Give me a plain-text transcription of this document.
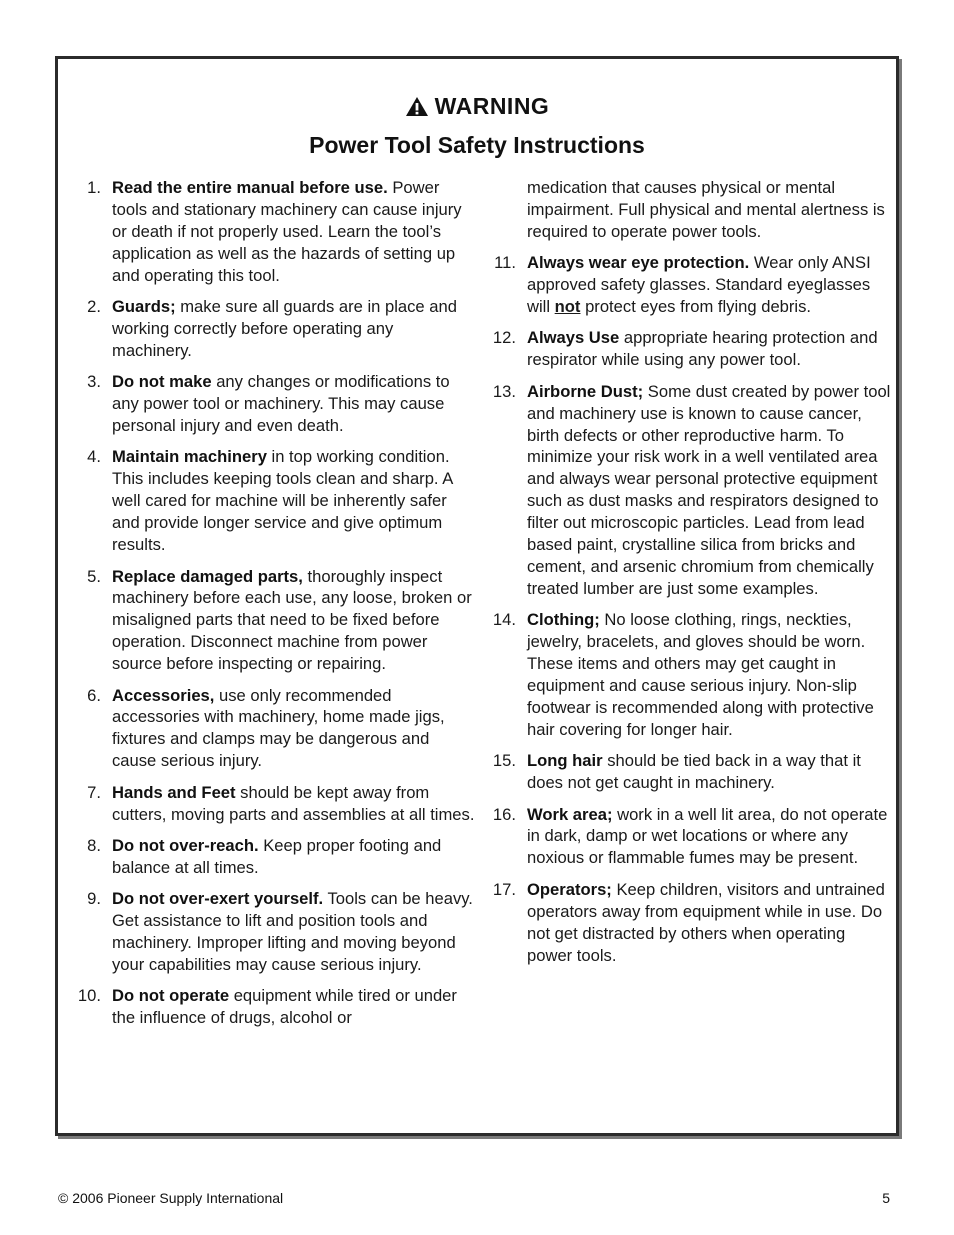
WARNING
Power Tool Safety Instructions
1. Read the entire manual before use. Power tools and stationary machinery can cause injury or death if not properly used. Learn the tool’s application as well as the hazards of setting up and operating this tool.
2. Guards; make sure all guards are in place and working correctly before operating any machinery.
3. Do not make any changes or modifications to any power tool or machinery. This may cause personal injury and even death.
4. Maintain machinery in top working condition. This includes keeping tools clean and sharp. A well cared for machine will be inherently safer and provide longer service and give optimum results.
5. Replace damaged parts, thoroughly inspect machinery before each use, any loose, broken or misaligned parts that need to be fixed before operation. Disconnect machine from power source before inspecting or repairing.
6. Accessories, use only recommended accessories with machinery, home made jigs, fixtures and clamps may be dangerous and cause serious injury.
7. Hands and Feet should be kept away from cutters, moving parts and assemblies at all times.
8. Do not over-reach. Keep proper footing and balance at all times.
9. Do not over-exert yourself. Tools can be heavy. Get assistance to lift and position tools and machinery. Improper lifting and moving beyond your capabilities may cause serious injury.
10. Do not operate equipment while tired or under the influence of drugs, alcohol or
medication that causes physical or mental impairment. Full physical and mental alertness is required to operate power tools.
11. Always wear eye protection. Wear only ANSI approved safety glasses. Standard eyeglasses will not protect eyes from flying debris.
12. Always Use appropriate hearing protection and respirator while using any power tool.
13. Airborne Dust; Some dust created by power tool and machinery use is known to cause cancer, birth defects or other reproductive harm. To minimize your risk work in a well ventilated area and always wear personal protective equipment such as dust masks and respirators designed to filter out microscopic particles. Lead from lead based paint, crystalline silica from bricks and cement, and arsenic chromium from chemically treated lumber are just some examples.
14. Clothing; No loose clothing, rings, neckties, jewelry, bracelets, and gloves should be worn. These items and others may get caught in equipment and cause serious injury. Non-slip footwear is recommended along with protective hair covering for longer hair.
15. Long hair should be tied back in a way that it does not get caught in machinery.
16. Work area; work in a well lit area, do not operate in dark, damp or wet locations or where any noxious or flammable fumes may be present.
17. Operators; Keep children, visitors and untrained operators away from equipment while in use. Do not get distracted by others when operating power tools.
© 2006 Pioneer Supply International	5
